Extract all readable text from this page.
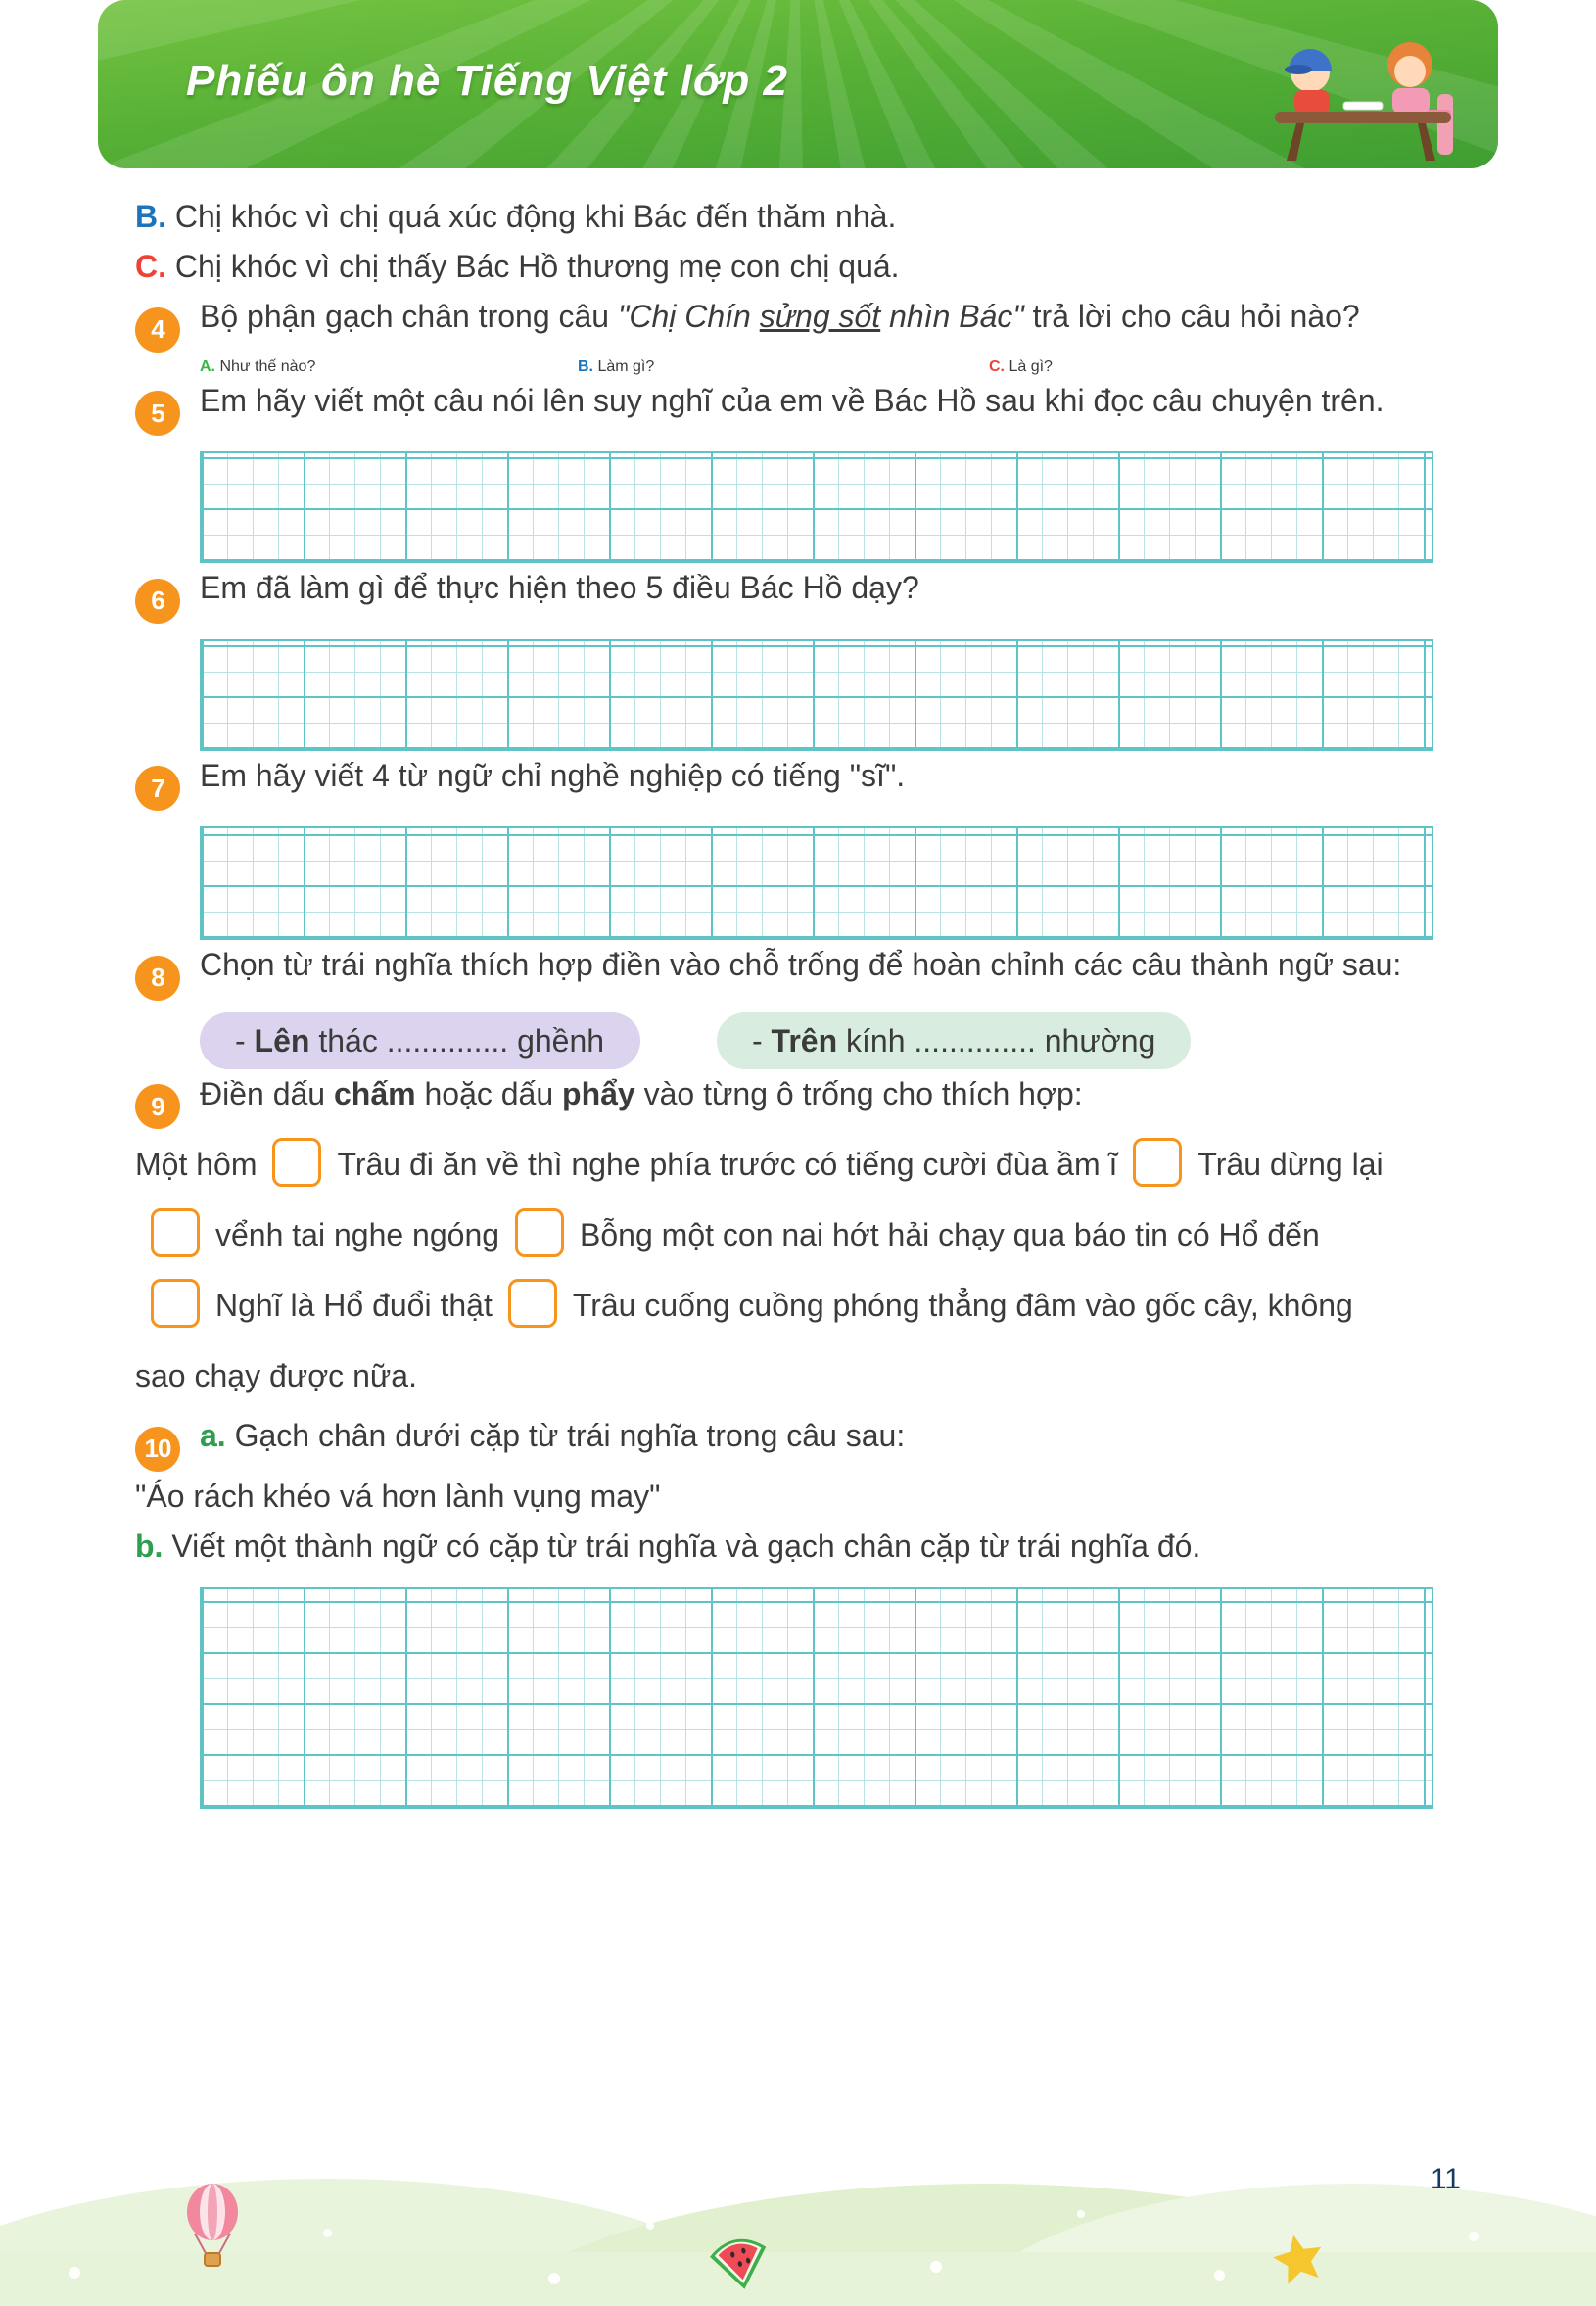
Phiếu ôn hè Tiếng Việt lớp 2

B. Chị khóc vì chị quá xúc động khi Bác đến thăm nhà.

C. Chị khóc vì chị thấy Bác Hồ thương mẹ con chị quá.

4 Bộ phận gạch chân trong câu "Chị Chín sửng sốt nhìn Bác" trả lời cho câu hỏi nào?

A. Như thế nào?	B. Làm gì?	C. Là gì?

5 Em hãy viết một câu nói lên suy nghĩ của em về Bác Hồ sau khi đọc câu chuyện trên.

6 Em đã làm gì để thực hiện theo 5 điều Bác Hồ dạy?

7 Em hãy viết 4 từ ngữ chỉ nghề nghiệp có tiếng "sĩ".

8 Chọn từ trái nghĩa thích hợp điền vào chỗ trống để hoàn chỉnh các câu thành ngữ sau:

- Lên thác .............. ghềnh	- Trên kính .............. nhường

9 Điền dấu chấm hoặc dấu phẩy vào từng ô trống cho thích hợp:

Một hôm	Trâu đi ăn về thì nghe phía trước có tiếng cười đùa ầm ĩ	Trâu dừng lạivểnh tai nghe ngóng	Bỗng một con nai hớt hải chạy qua báo tin có Hổ đếnNghĩ là Hổ đuổi thật	Trâu cuống cuồng phóng thẳng đâm vào gốc cây, không sao chạy được nữa.

10 a. Gạch chân dưới cặp từ trái nghĩa trong câu sau:

"Áo rách khéo vá hơn lành vụng may"

b. Viết một thành ngữ có cặp từ trái nghĩa và gạch chân cặp từ trái nghĩa đó.

11
